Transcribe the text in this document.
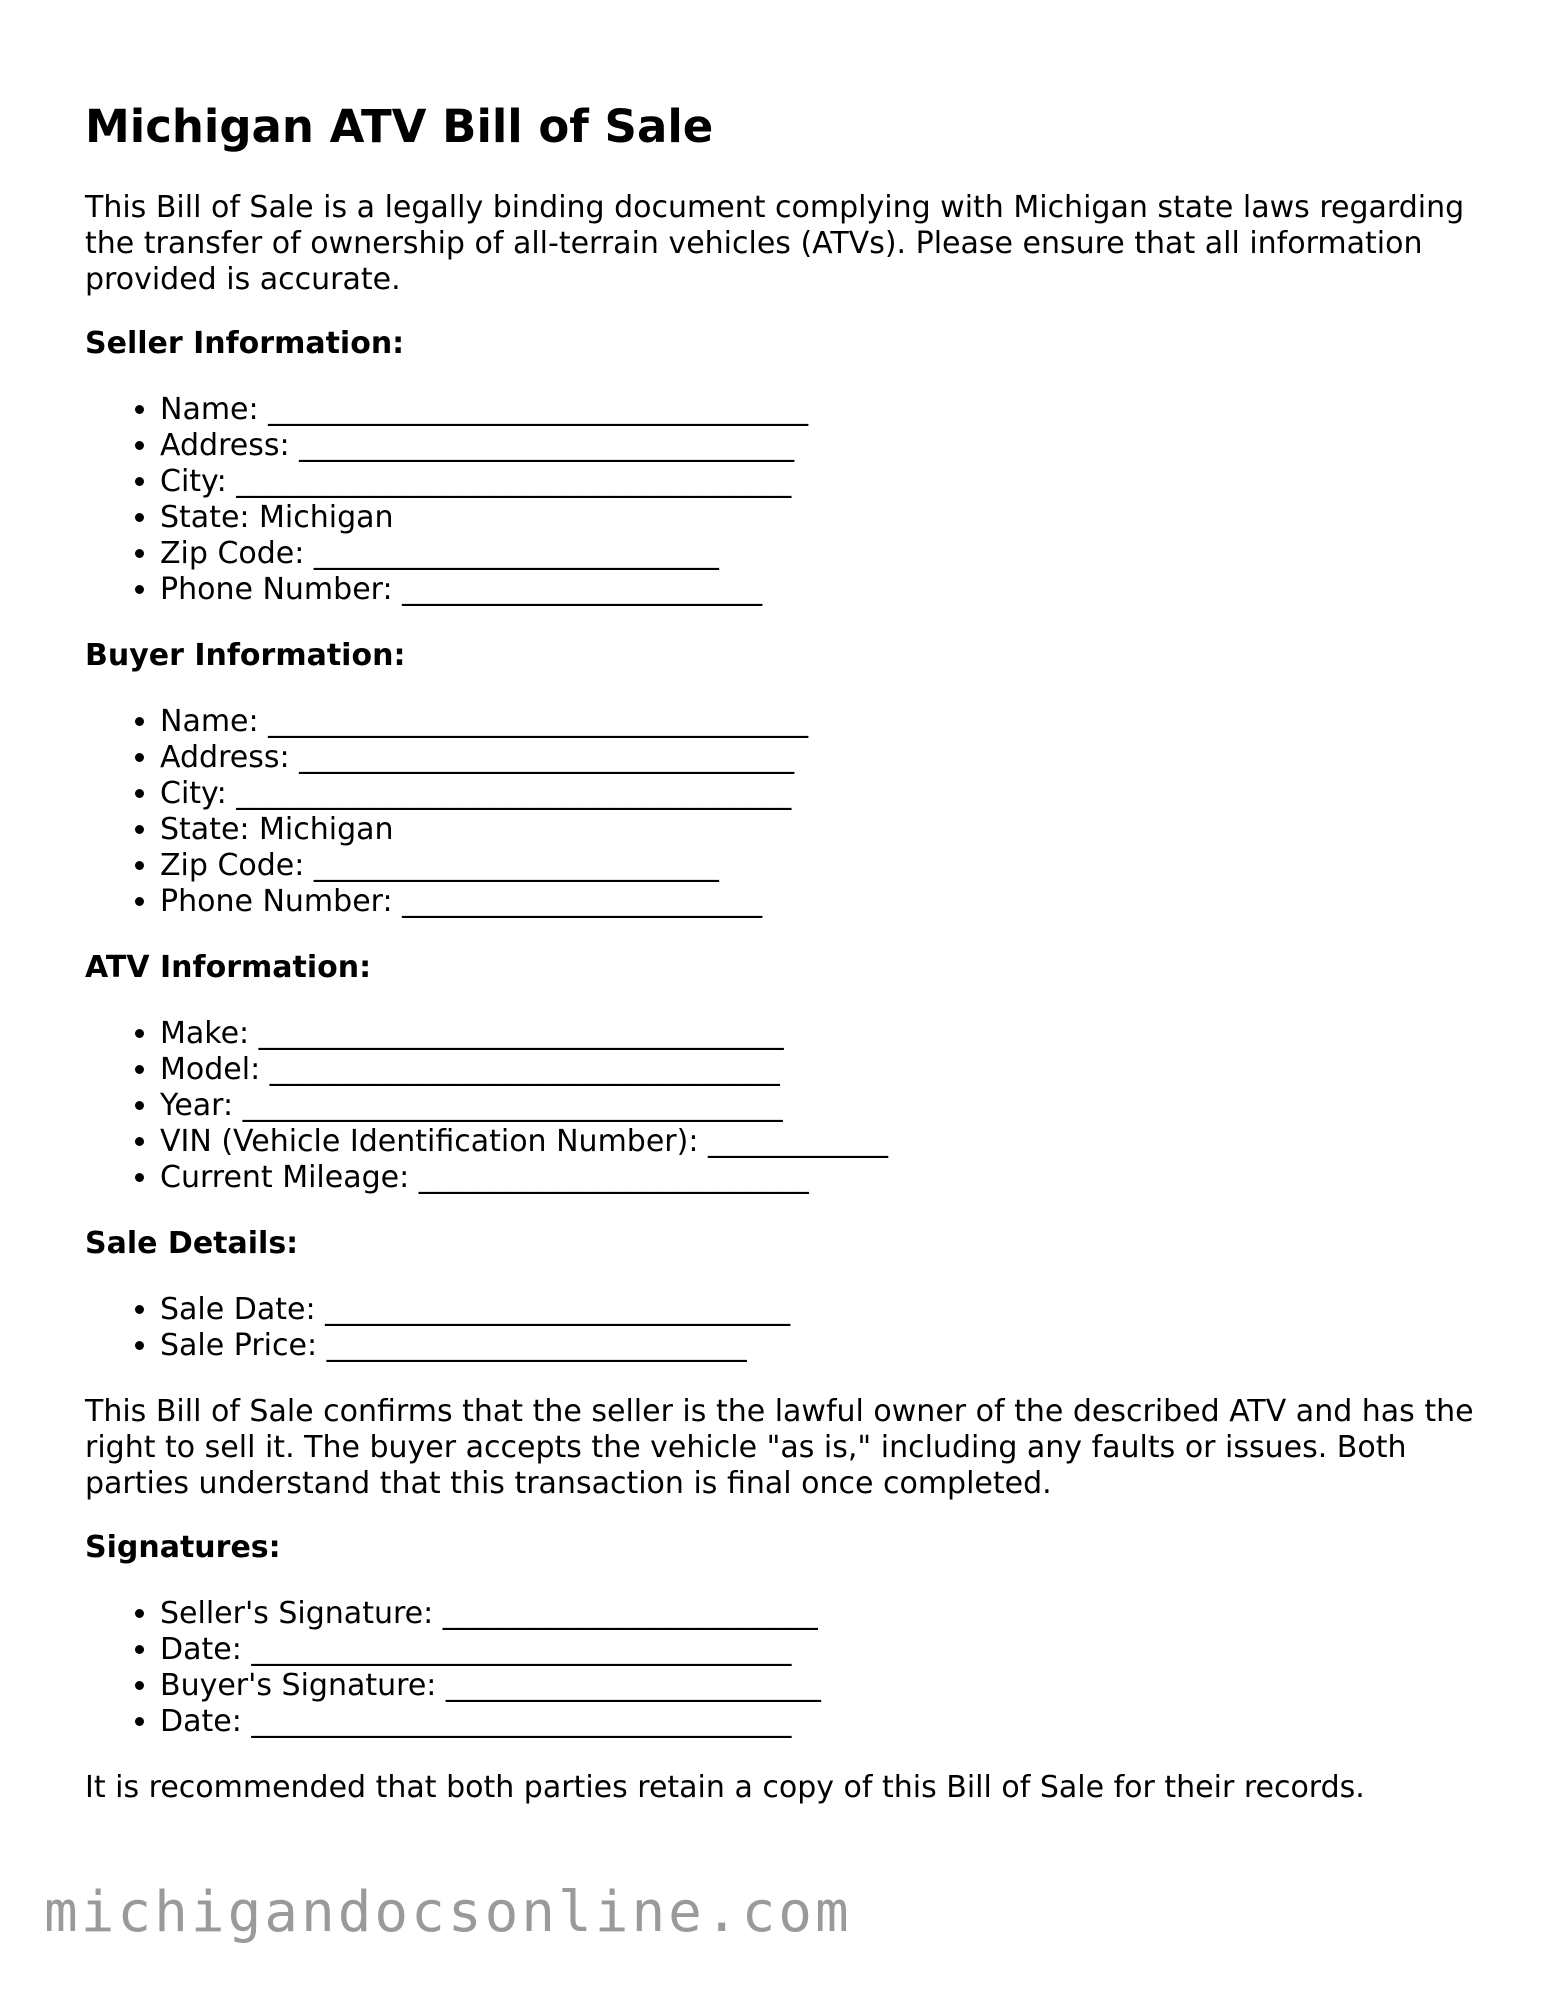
Michigan ATV Bill of Sale

This Bill of Sale is a legally binding document complying with Michigan state laws regarding the transfer of ownership of all-terrain vehicles (ATVs). Please ensure that all information provided is accurate.

Seller Information:
• Name: ____________________________________
• Address: _________________________________
• City: _____________________________________
• State: Michigan
• Zip Code: ___________________________
• Phone Number: ________________________
Buyer Information:
• Name: ____________________________________
• Address: _________________________________
• City: _____________________________________
• State: Michigan
• Zip Code: ___________________________
• Phone Number: ________________________
ATV Information:
• Make: ___________________________________
• Model: __________________________________
• Year: ____________________________________
• VIN (Vehicle Identification Number): ____________
• Current Mileage: __________________________
Sale Details:
• Sale Date: _______________________________
• Sale Price: ____________________________

This Bill of Sale confirms that the seller is the lawful owner of the described ATV and has the right to sell it. The buyer accepts the vehicle "as is," including any faults or issues. Both parties understand that this transaction is final once completed.

Signatures:
• Seller's Signature: _________________________
• Date: ____________________________________
• Buyer's Signature: _________________________
• Date: ____________________________________

It is recommended that both parties retain a copy of this Bill of Sale for their records.

michigandocsonline.com
